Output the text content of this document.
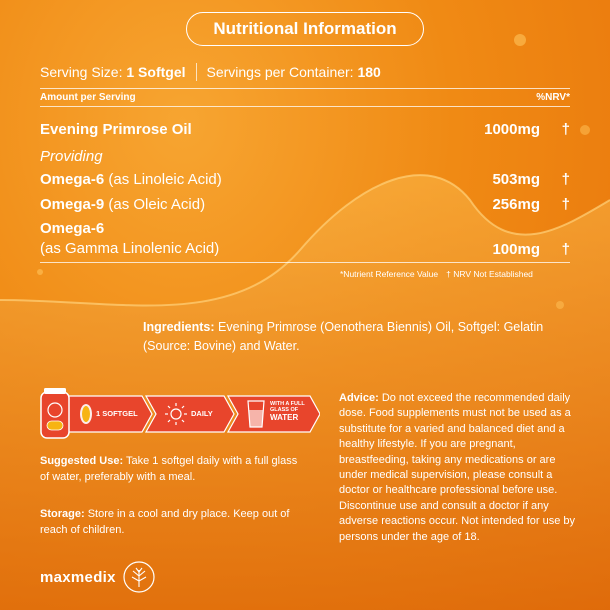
Nutritional Information
Serving Size: 1 Softgel Servings per Container: 180
Amount per Serving	%NRV*
Evening Primrose Oil	1000mg	†
Providing
Omega-6 (as Linoleic Acid)	503mg	†
Omega-9 (as Oleic Acid)	256mg	†
Omega-6
(as Gamma Linolenic Acid)	100mg	†
*Nutrient Reference Value † NRV Not Established
Ingredients: Evening Primrose (Oenothera Biennis) Oil, Softgel: Gelatin (Source: Bovine) and Water.
1 SOFTGEL	DAILY
WITH A FULL
GLASS OF
WATER
Suggested Use: Take 1 softgel daily with a full glass of water, preferably with a meal.
Storage: Store in a cool and dry place. Keep out of reach of children.
Advice: Do not exceed the recommended daily dose. Food supplements must not be used as a substitute for a varied and balanced diet and a healthy lifestyle. If you are pregnant, breastfeeding, taking any medications or are under medical supervision, please consult a doctor or healthcare professional before use. Discontinue use and consult a doctor if any adverse reactions occur. Not intended for use by persons under the age of 18.
maxmedix
